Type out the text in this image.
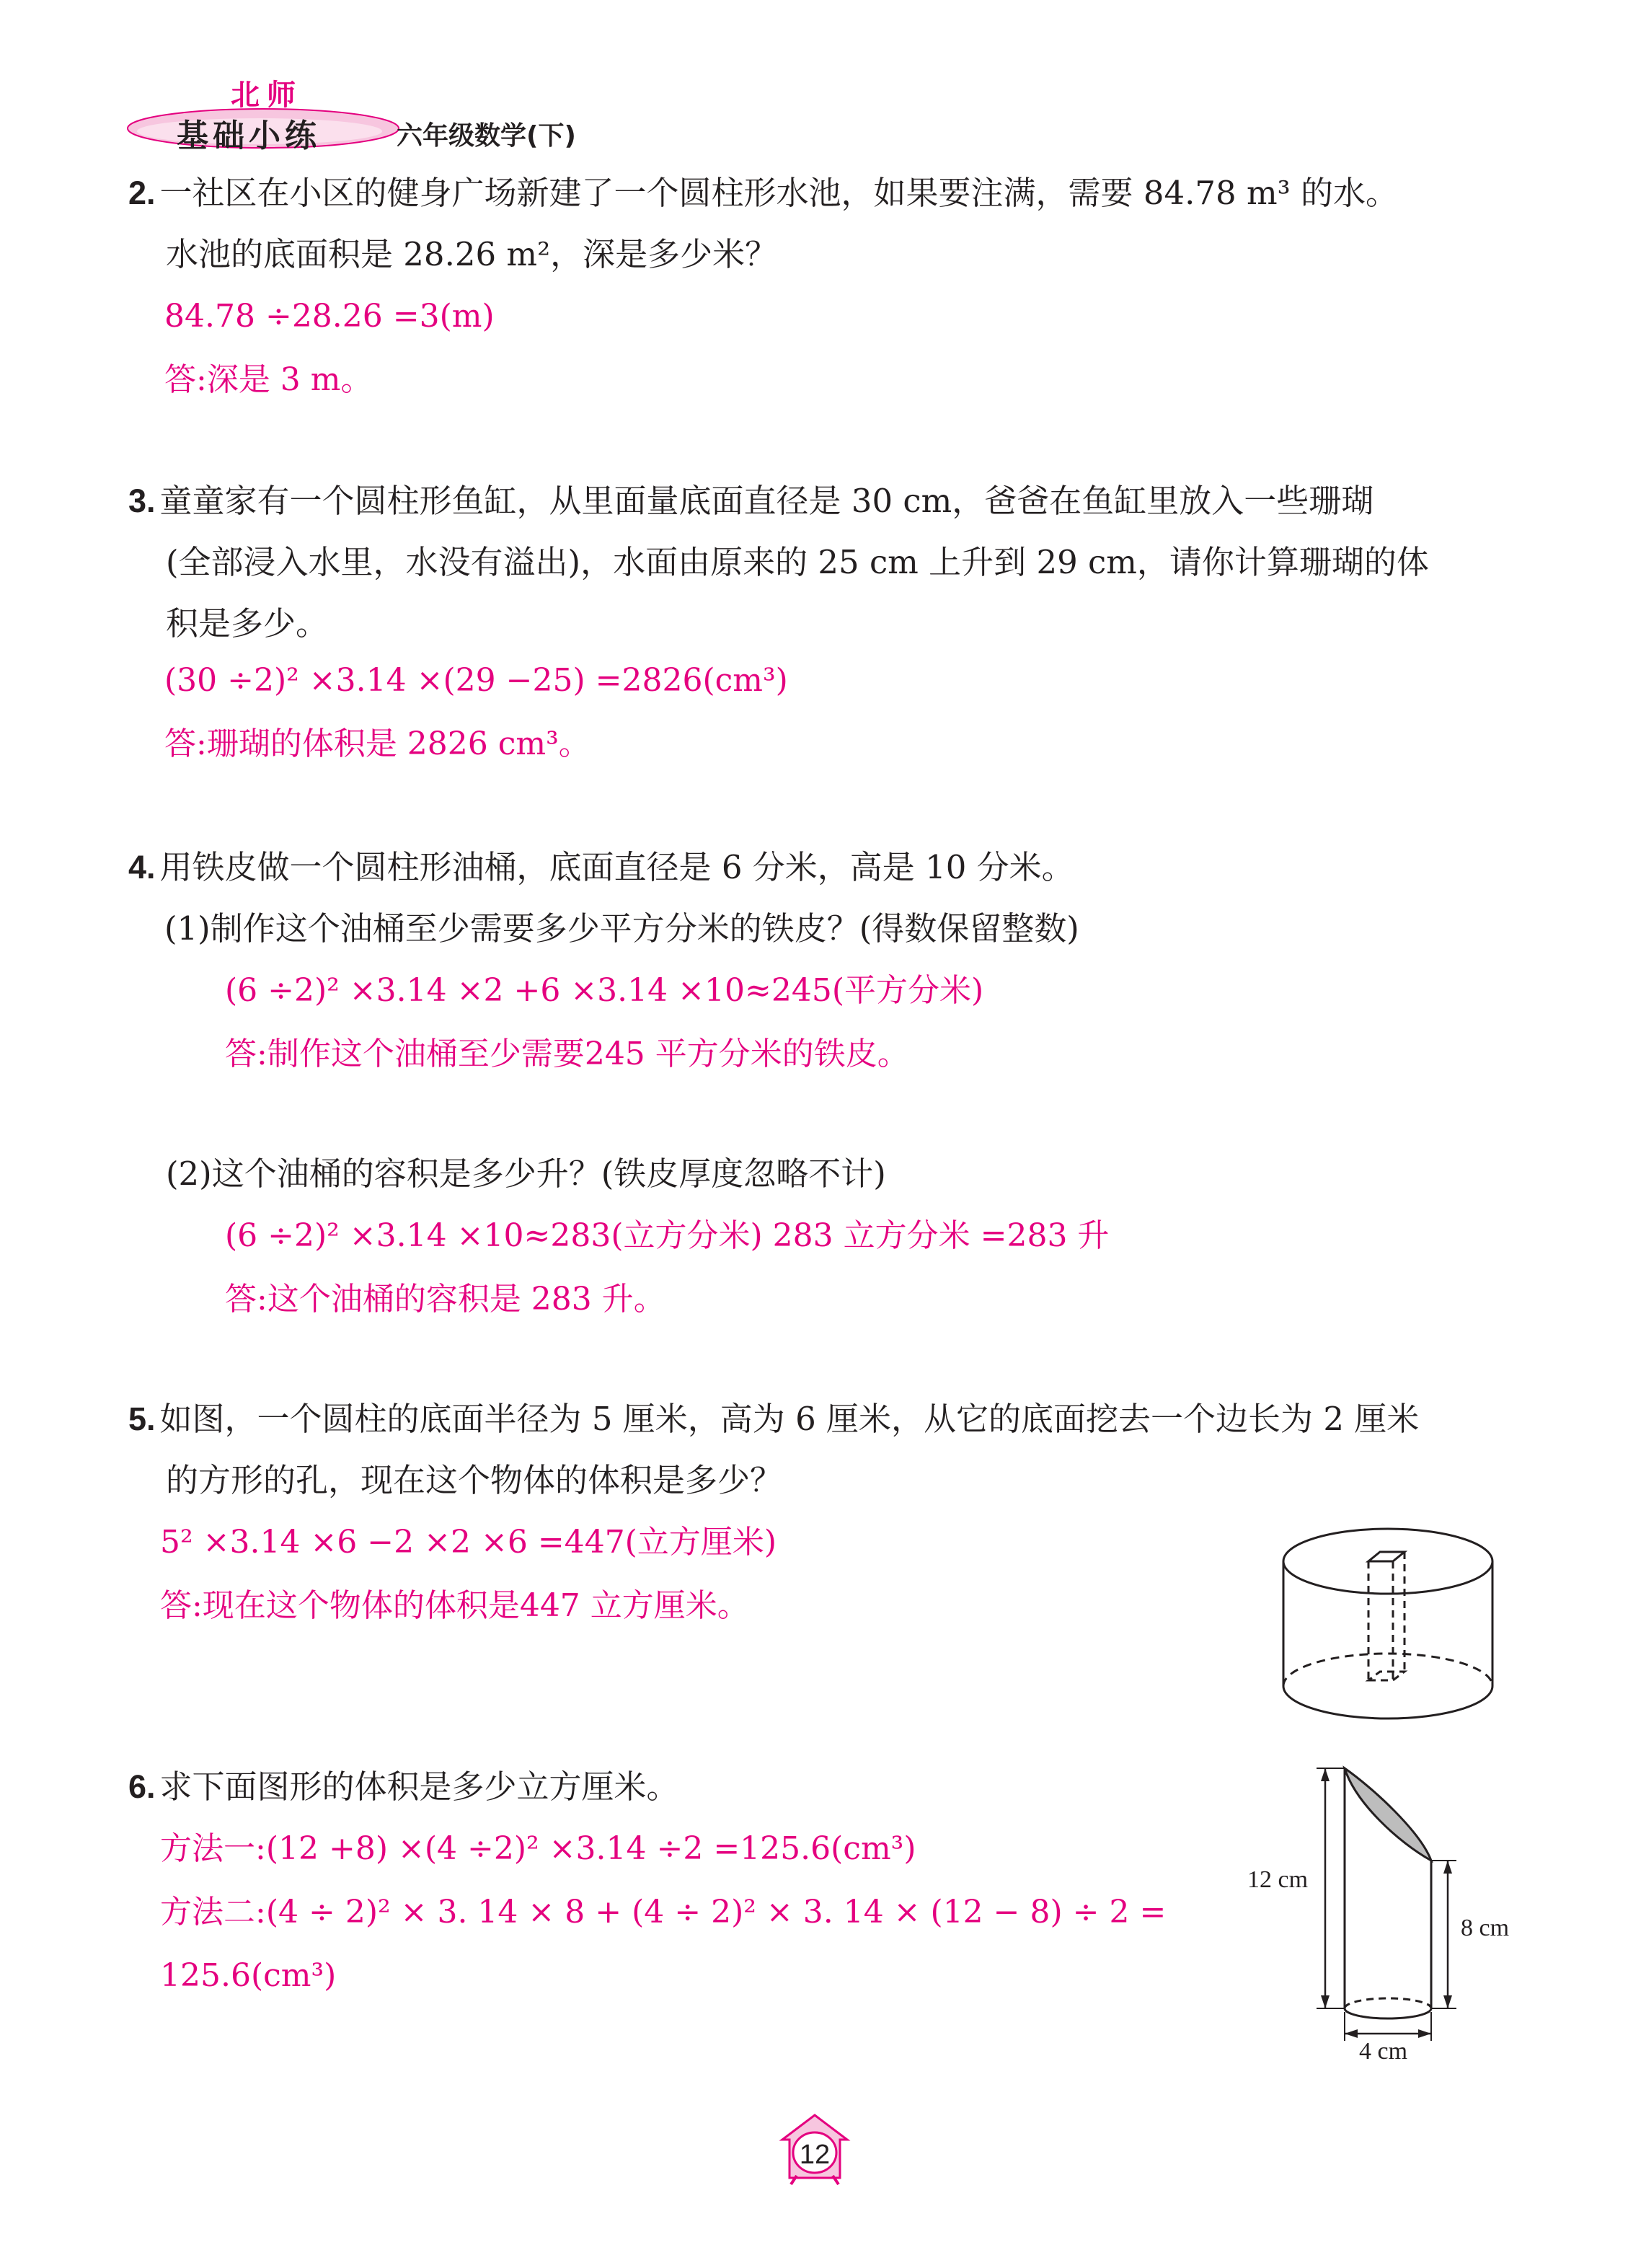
北师
基础小练	六年级数学(下)
2. 一社区在小区的健身广场新建了一个圆柱形水池，如果要注满，需要 84.78 m³ 的水。
水池的底面积是 28.26 m²，深是多少米？
84.78 ÷28.26 =3(m)
答:深是 3 m。
3. 童童家有一个圆柱形鱼缸，从里面量底面直径是 30 cm，爸爸在鱼缸里放入一些珊瑚
(全部浸入水里，水没有溢出)，水面由原来的 25 cm 上升到 29 cm，请你计算珊瑚的体
积是多少。
(30 ÷2)² ×3.14 ×(29 −25) =2826(cm³)
答:珊瑚的体积是 2826 cm³。
4. 用铁皮做一个圆柱形油桶，底面直径是 6 分米，高是 10 分米。
(1)制作这个油桶至少需要多少平方分米的铁皮？(得数保留整数)
(6 ÷2)² ×3.14 ×2 +6 ×3.14 ×10≈245(平方分米)
答:制作这个油桶至少需要245 平方分米的铁皮。
(2)这个油桶的容积是多少升？(铁皮厚度忽略不计)
(6 ÷2)² ×3.14 ×10≈283(立方分米) 283 立方分米 =283 升
答:这个油桶的容积是 283 升。
5. 如图，一个圆柱的底面半径为 5 厘米，高为 6 厘米，从它的底面挖去一个边长为 2 厘米
的方形的孔，现在这个物体的体积是多少？
5² ×3.14 ×6 −2 ×2 ×6 =447(立方厘米)
答:现在这个物体的体积是447 立方厘米。
6. 求下面图形的体积是多少立方厘米。
方法一:(12 +8) ×(4 ÷2)² ×3.14 ÷2 =125.6(cm³)
方法二:(4 ÷ 2)² × 3. 14 × 8 + (4 ÷ 2)² × 3. 14 × (12 − 8) ÷ 2 =
125.6(cm³)
12 cm
8 cm
4 cm
12
